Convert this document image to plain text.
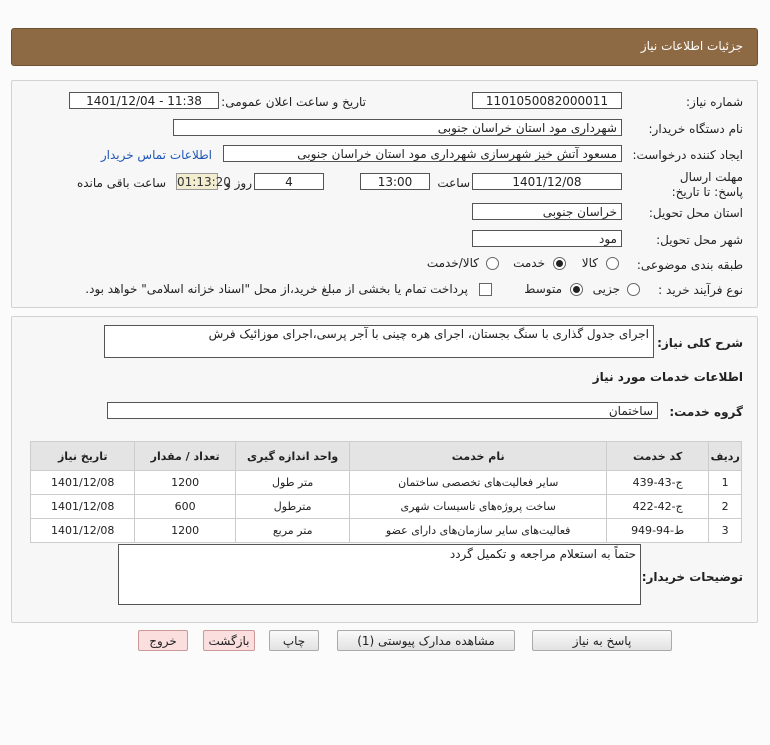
جزئیات اطلاعات نیاز
شماره نیاز:
1101050082000011
تاریخ و ساعت اعلان عمومی:
1401/12/04 - 11:38
نام دستگاه خریدار:
شهرداری مود استان خراسان جنوبی
ایجاد کننده درخواست:
مسعود آتش خیز شهرسازی شهرداری مود استان خراسان جنوبی
اطلاعات تماس خریدار
مهلت ارسال پاسخ: تا تاریخ:
1401/12/08
ساعت
13:00
4
روز و
01:13:20
ساعت باقی مانده
استان محل تحویل:
خراسان جنوبی
شهر محل تحویل:
مود
طبقه بندی موضوعی:
کالا
خدمت
کالا/خدمت
نوع فرآیند خرید :
جزیی
متوسط
پرداخت تمام یا بخشی از مبلغ خرید،از محل "اسناد خزانه اسلامی" خواهد بود.
شرح کلی نیاز:
اجرای جدول گذاری با سنگ بجستان، اجرای هره چینی با آجر پرسی،اجرای موزائیک فرش
اطلاعات خدمات مورد نیاز
گروه خدمت:
ساختمان
ردیف	کد خدمت	نام خدمت	واحد اندازه گیری	تعداد / مقدار	تاریخ نیاز
1	ج-43-439	سایر فعالیت‌های تخصصی ساختمان	متر طول	1200	1401/12/08
2	ج-42-422	ساخت پروژه‌های تاسیسات شهری	مترطول	600	1401/12/08
3	ط-94-949	فعالیت‌های سایر سازمان‌های دارای عضو	متر مربع	1200	1401/12/08
توضیحات خریدار:
حتماً به استعلام مراجعه و تکمیل گردد
پاسخ به نیاز
مشاهده مدارک پیوستی (1)
چاپ
بازگشت
خروج
